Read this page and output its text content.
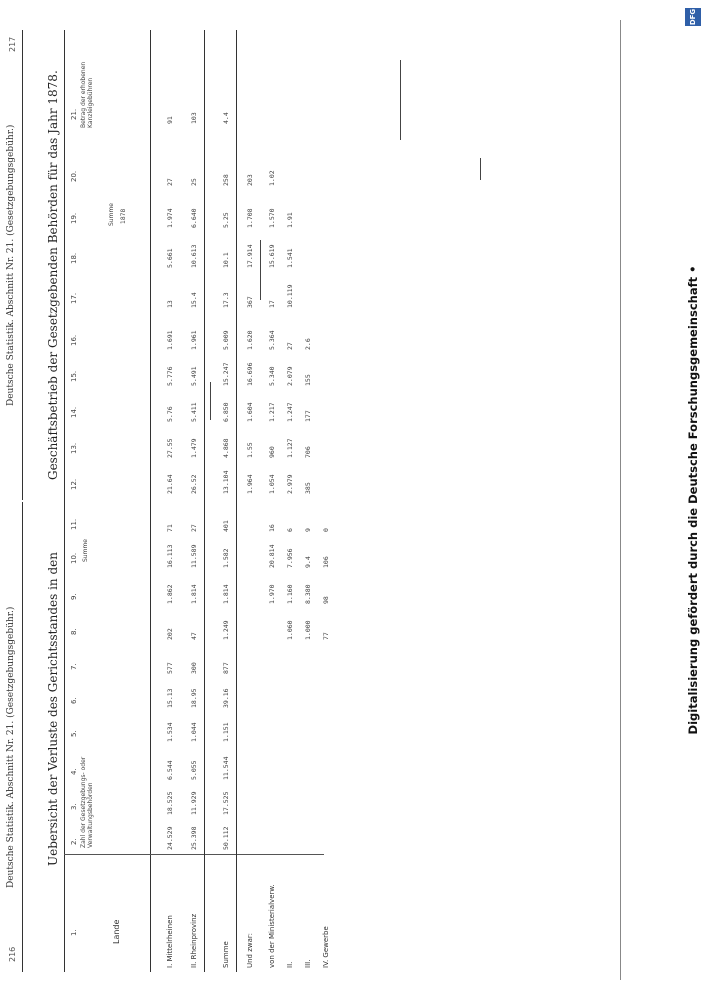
216
Deutsche Statistik. Abschnitt Nr. 21. (Gesetzgebungsgebühr.)	Uebersicht der Verluste des Gerichtsstandes in den
1.
2.
3.
4.
5.
6.
7.
8.
9.
10.
11.
Lande
Zahl der Gesetzgebungs- oder Verwaltungsbehörden
Summe
I. Mittelrheinen
24.529
18.525
6.544
1.534
15.13
577
202
1.862
16.113
71
II. Rheinprovinz
25.398
11.929
5.055
1.044
18.95
300
47
1.814
11.589
27
Summe
50.112
17.525
11.544
1.151
39.16
877
1.249
1.814
1.582
401
Und zwar: von der Ministerialverw.
1.970
20.814
16
II.
1.060
1.160
7.956
6
III.
1.000
8.380
9.4
9
IV. Gewerbe
77
98
106
0
Deutsche Statistik. Abschnitt Nr. 21. (Gesetzgebungsgebühr.)
217
Geschäftsbetrieb der Gesetzgebenden Behörden für das Jahr 1878.
12.
13.
14.
15.
16.
17.
18.
19.
20.
21.
Summe 1878
Betrag der erhobenen Kanzleigebühren
21.64
27.55
5.76
5.776
1.691
13
5.661
1.974
27
91
26.52
1.479
5.411
5.491
1.961
15.4
10.613
6.640
25
103
13.104
4.868
6.850
15.247
5.009
17.3
10.1
5.25
258
4.4
1.964
1.55
1.604
16.696
1.620
367
17.914
1.708
203
1.054
960
1.217
5.340
5.364
17
15.619
1.570
1.02
2.979
1.127
1.247
2.079
27
10.119
1.541
1.91
385
706
177
155
2.6
DFG
Digitalisierung gefördert durch die Deutsche Forschungsgemeinschaft •
